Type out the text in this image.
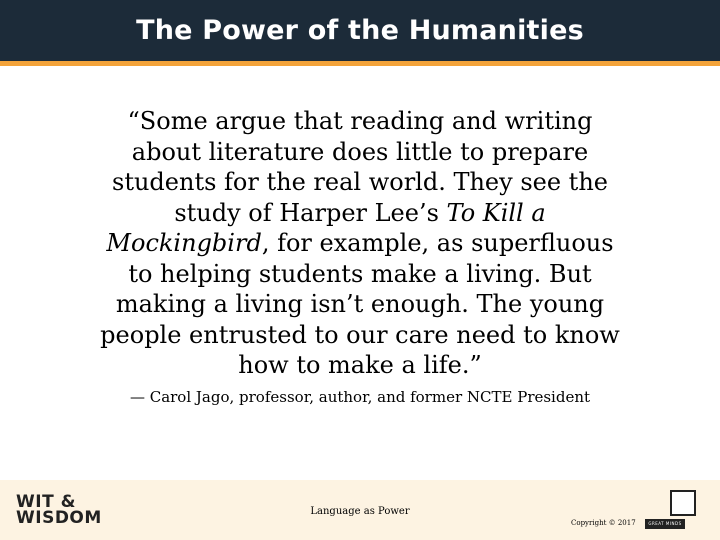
The Power of the Humanities
“Some argue that reading and writing about literature does little to prepare students for the real world. They see the study of Harper Lee’s To Kill a Mockingbird, for example, as superfluous to helping students make a living. But making a living isn’t enough. The young people entrusted to our care need to know how to make a life.”
— Carol Jago, professor, author, and former NCTE President
WIT &
WISDOM	Language as Power
Copyright © 2017	GREAT MINDS
